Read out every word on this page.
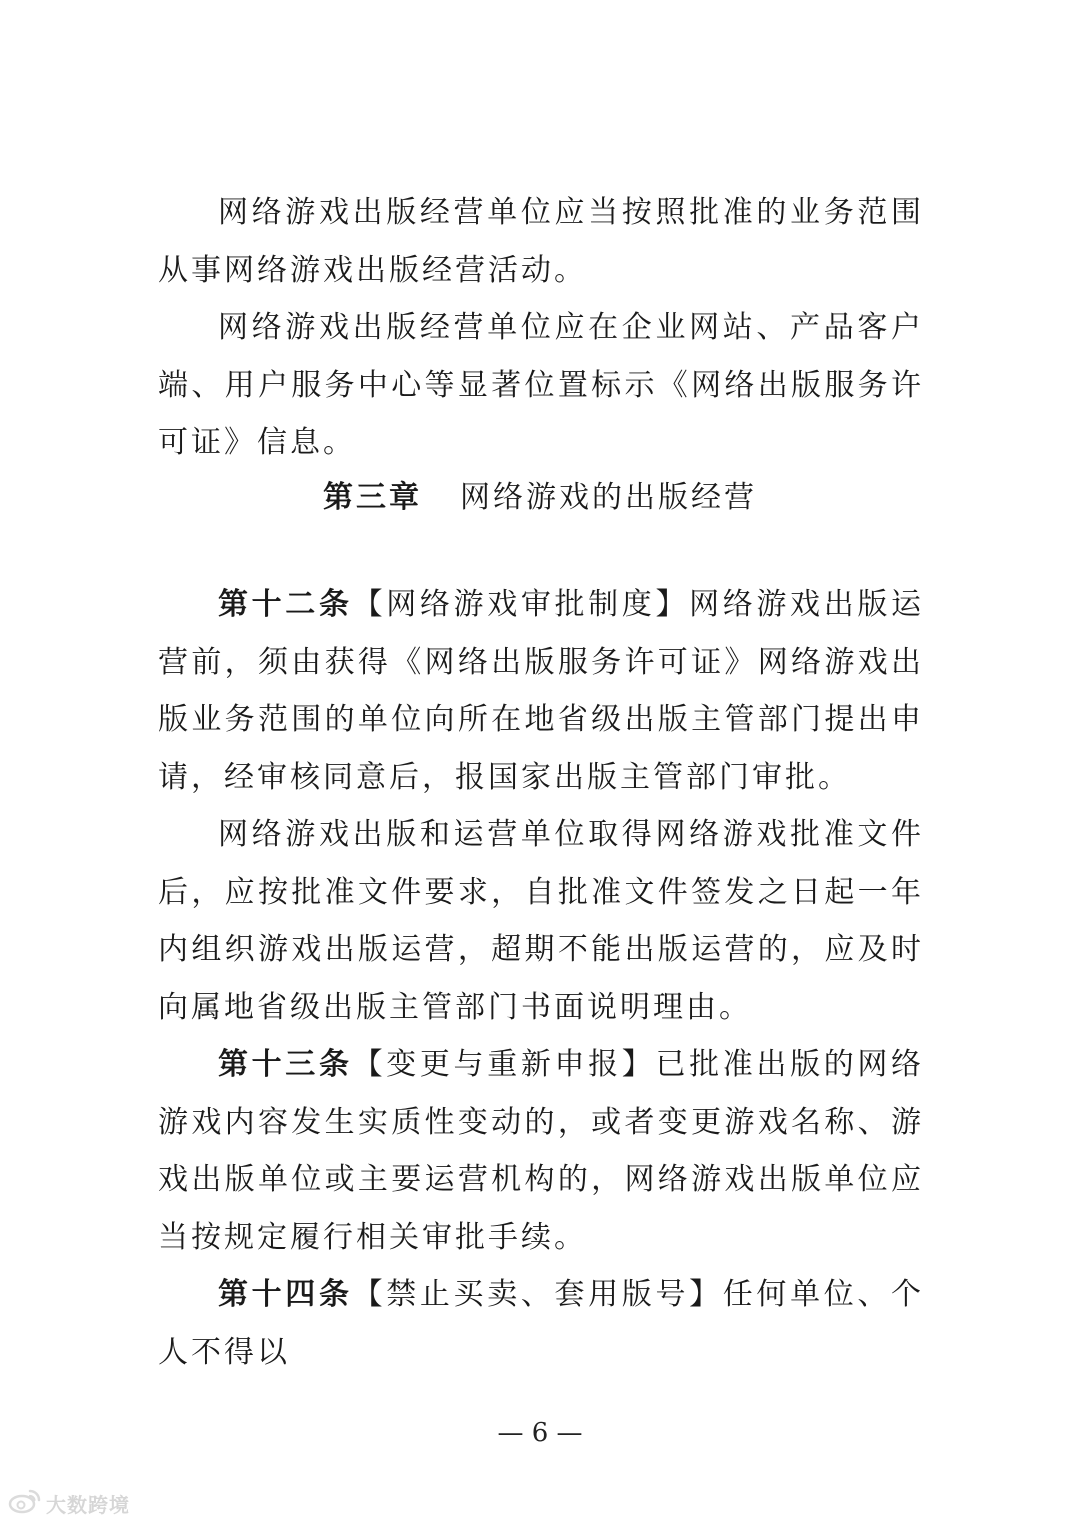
网络游戏出版经营单位应当按照批准的业务范围从事网络游戏出版经营活动。

网络游戏出版经营单位应在企业网站、产品客户端、用户服务中心等显著位置标示《网络出版服务许可证》信息。

第三章 网络游戏的出版经营

第十二条【网络游戏审批制度】网络游戏出版运营前，须由获得《网络出版服务许可证》网络游戏出版业务范围的单位向所在地省级出版主管部门提出申请，经审核同意后，报国家出版主管部门审批。

网络游戏出版和运营单位取得网络游戏批准文件后，应按批准文件要求，自批准文件签发之日起一年内组织游戏出版运营，超期不能出版运营的，应及时向属地省级出版主管部门书面说明理由。

第十三条【变更与重新申报】已批准出版的网络游戏内容发生实质性变动的，或者变更游戏名称、游戏出版单位或主要运营机构的，网络游戏出版单位应当按规定履行相关审批手续。

第十四条【禁止买卖、套用版号】任何单位、个人不得以

— 6 —
大数跨境
